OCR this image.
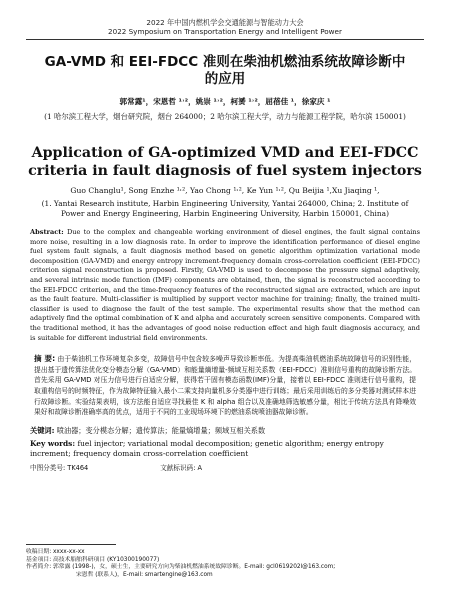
2022 年中国内燃机学会交通能源与智能动力大会
2022 Symposium on Transportation Energy and Intelligent Power
GA-VMD 和 EEI-FDCC 准则在柴油机燃油系统故障诊断中
的应用
郭常露¹，宋恩哲 ¹˒²，姚崇 ¹˒²，柯赟 ¹˒²，屈蓓佳 ¹，徐家庆 ¹
(1 哈尔滨工程大学，烟台研究院，烟台 264000；2 哈尔滨工程大学，动力与能源工程学院，哈尔滨 150001)
Application of GA-optimized VMD and EEI-FDCC
criteria in fault diagnosis of fuel system injectors
Guo Changlu¹, Song Enzhe ¹˒², Yao Chong ¹˒², Ke Yun ¹˒², Qu Beijia ¹,Xu Jiaqing ¹,
(1. Yantai Research institute, Harbin Engineering University, Yantai 264000, China; 2. Institute of Power and Energy Engineering, Harbin Engineering University, Harbin 150001, China)
Abstract: Due to the complex and changeable working environment of diesel engines, the fault signal contains more noise, resulting in a low diagnosis rate. In order to improve the identification performance of diesel engine fuel system fault signals, a fault diagnosis method based on genetic algorithm optimization variational mode decomposition (GA-VMD) and energy entropy increment-frequency domain cross-correlation coefficient (EEI-FDCC) criterion signal reconstruction is proposed. Firstly, GA-VMD is used to decompose the pressure signal adaptively, and several intrinsic mode function (IMF) components are obtained, then, the signal is reconstructed according to the EEI-FDCC criterion, and the time-frequency features of the reconstructed signal are extracted, which are input as the fault feature. Multi-classifier is multiplied by support vector machine for training; finally, the trained multi-classifier is used to diagnose the fault of the test sample. The experimental results show that the method can adaptively find the optimal combination of K and alpha and accurately screen sensitive components. Compared with the traditional method, it has the advantages of good noise reduction effect and high fault diagnosis accuracy, and is suitable for different industrial field environments.
摘 要: 由于柴油机工作环境复杂多变，故障信号中包含较多噪声导致诊断率低。为提高柴油机燃油系统故障信号的识别性能，提出基于遗传算法优化变分模态分解（GA-VMD）和能量熵增量-频域互相关系数（EEI-FDCC）准则信号重构的故障诊断方法。首先采用 GA-VMD 对压力信号进行自适应分解，获得若干固有模态函数(IMF)分量，接着以 EEI-FDCC 准则进行信号重构，提取重构信号的时频特征，作为故障特征输入最小二乘支持向量机多分类器中进行训练；最后采用训练后的多分类器对测试样本进行故障诊断。实验结果表明，该方法能自适应寻找最佳 K 和 alpha 组合以及准确地筛选敏感分量，相比于传统方法具有降噪效果好和故障诊断准确率高的优点，适用于不同的工业现场环境下的燃油系统喷油器故障诊断。
关键词: 喷油器；变分模态分解；遗传算法；能量熵增量；频域互相关系数
Key words: fuel injector; variational modal decomposition; genetic algorithm; energy entropy increment; frequency domain cross-correlation coefficient
中图分类号: TK464	文献标识码: A
收稿日期: xxxx-xx-xx
基金项目: 高技术船舶科研项目 (KY10300190077)
作者简介: 郭常露 (1998-)，女，硕士生，主要研究方向为柴油机燃油系统故障诊断。E-mail: gcl0619202l@163.com;
宋恩哲 (联系人)，E-mail: smartengine@163.com
